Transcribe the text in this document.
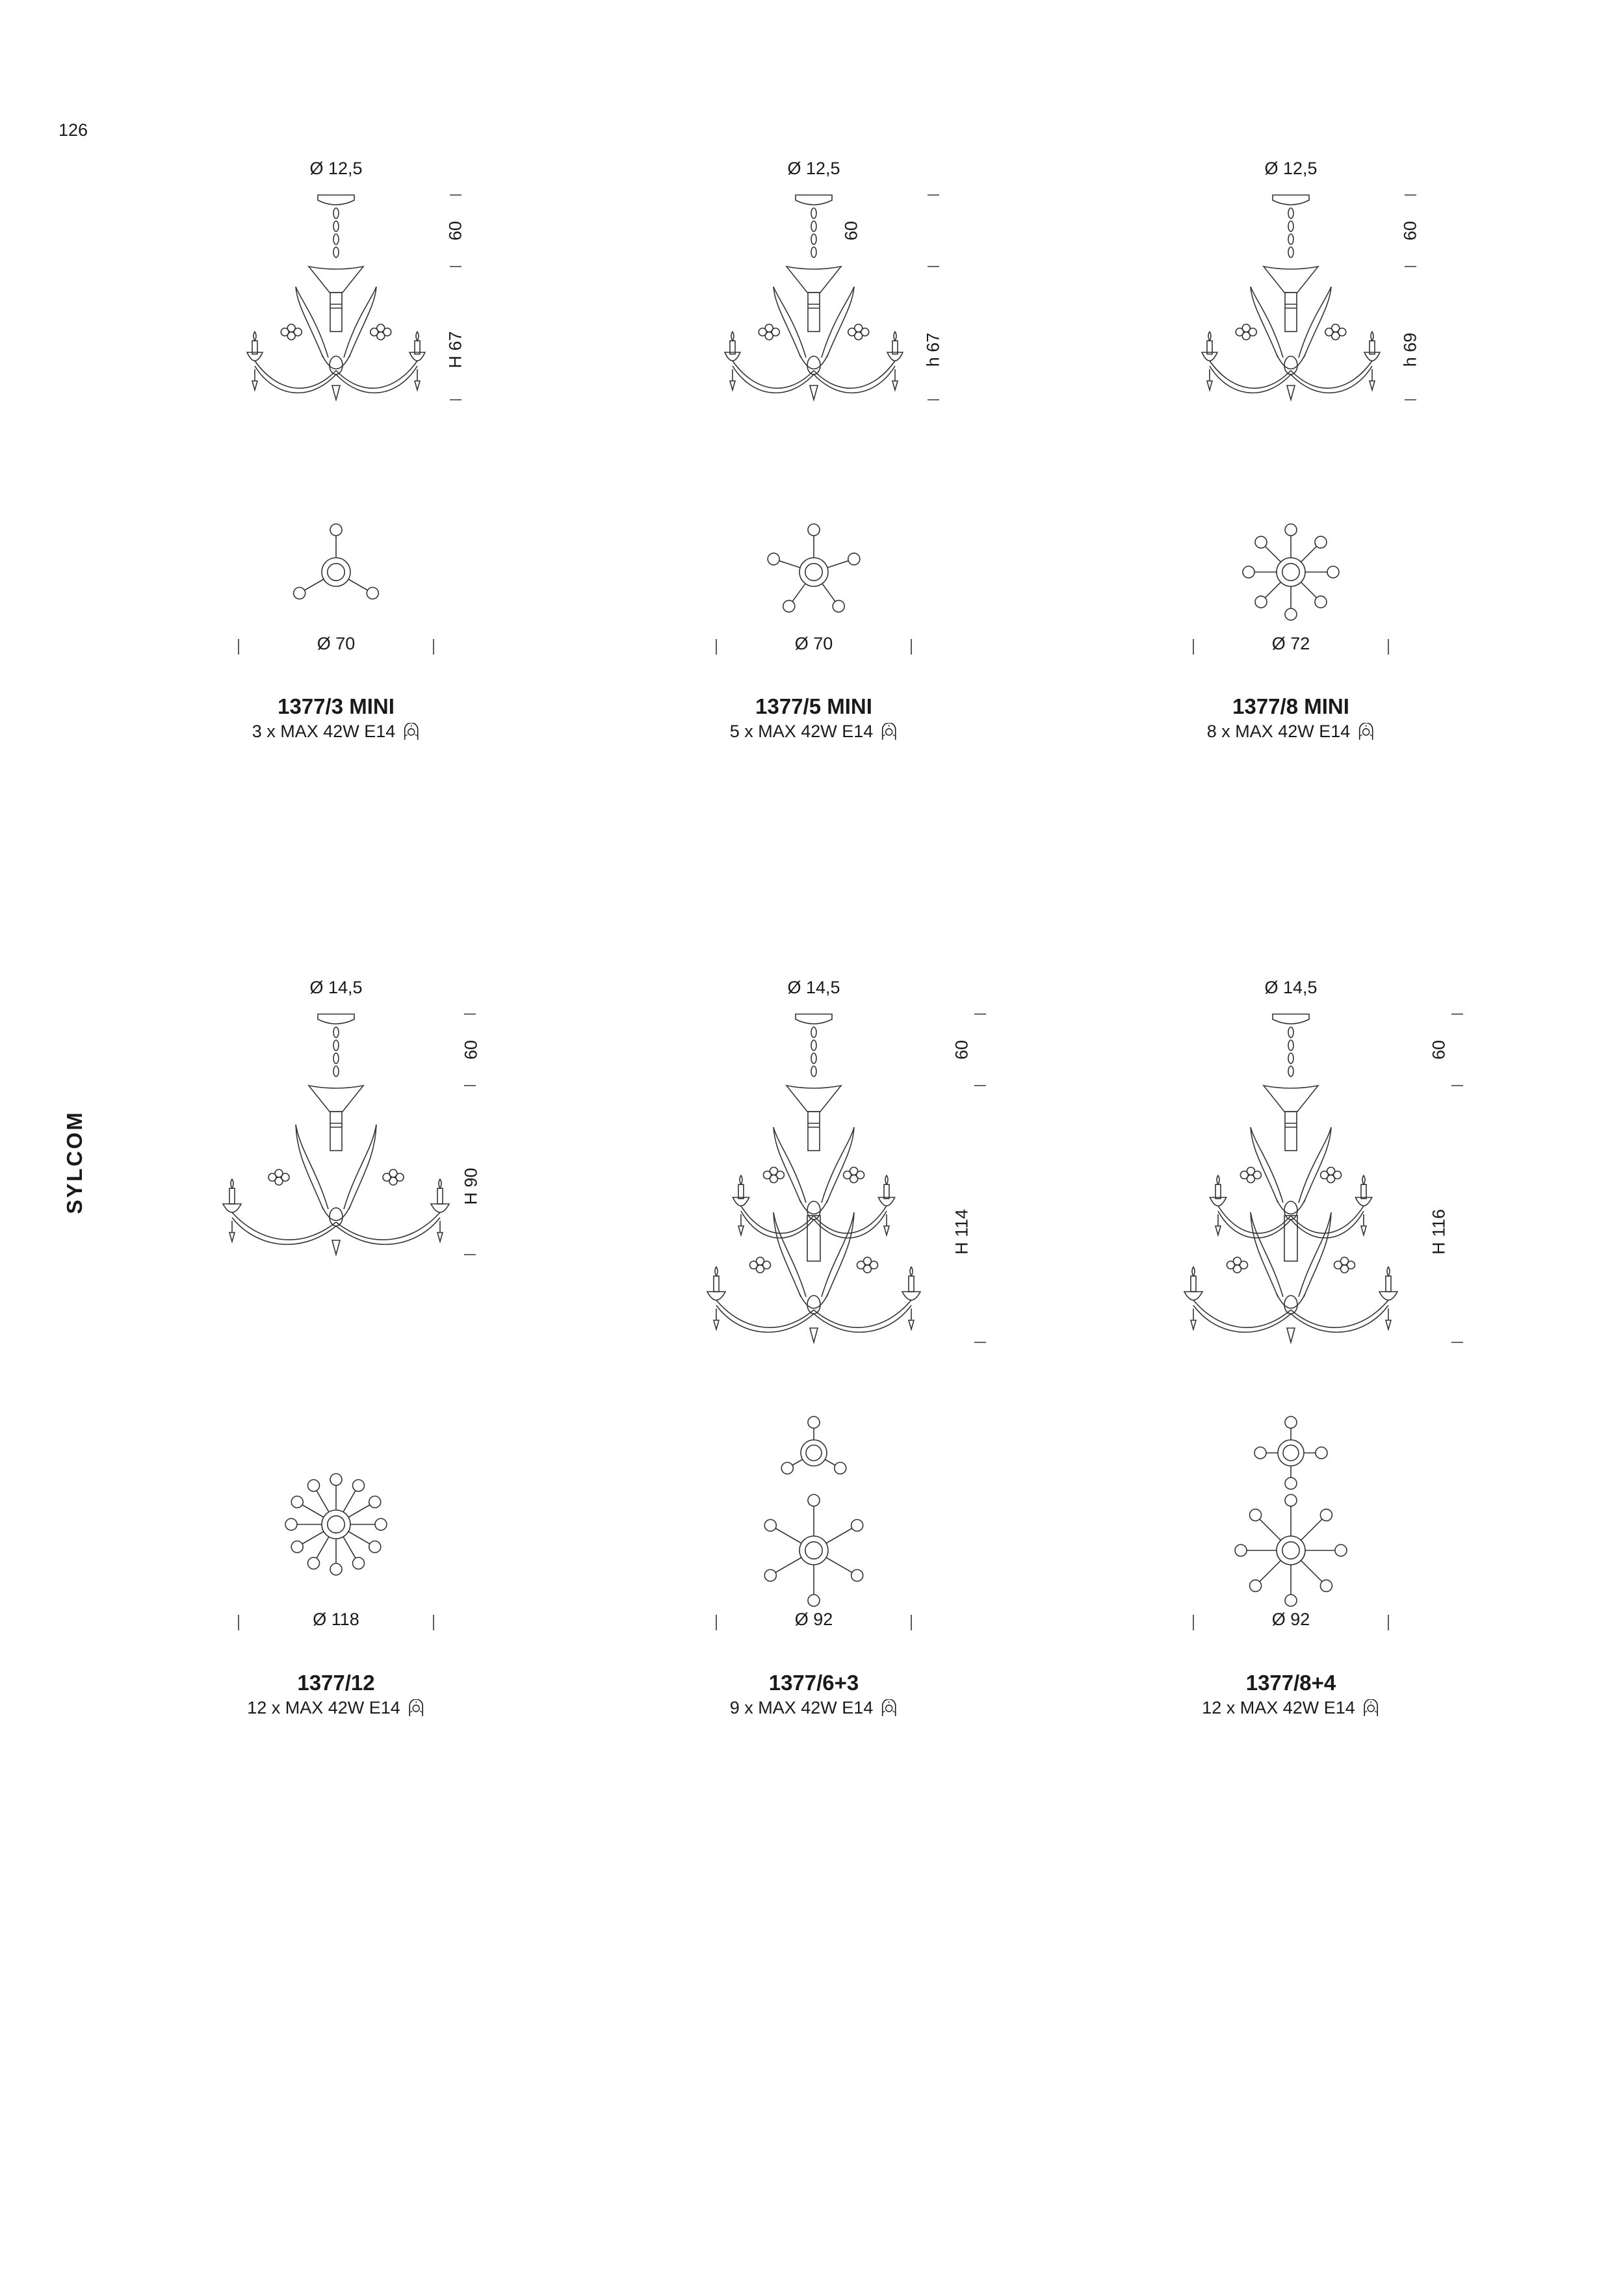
126
SYLCOM
Ø 12,5
60
H 67
Ø 70
1377/3 MINI
3 x MAX 42W E14
Ø 12,5
60
h 67
Ø 70
1377/5 MINI
5 x MAX 42W E14
Ø 12,5
60
h 69
Ø 72
1377/8 MINI
8 x MAX 42W E14
Ø 14,5
60
H 90
Ø 118
1377/12
12 x MAX 42W E14
Ø 14,5
60
H 114
Ø 92
1377/6+3
9 x MAX 42W E14
Ø 14,5
60
H 116
Ø 92
1377/8+4
12 x MAX 42W E14
